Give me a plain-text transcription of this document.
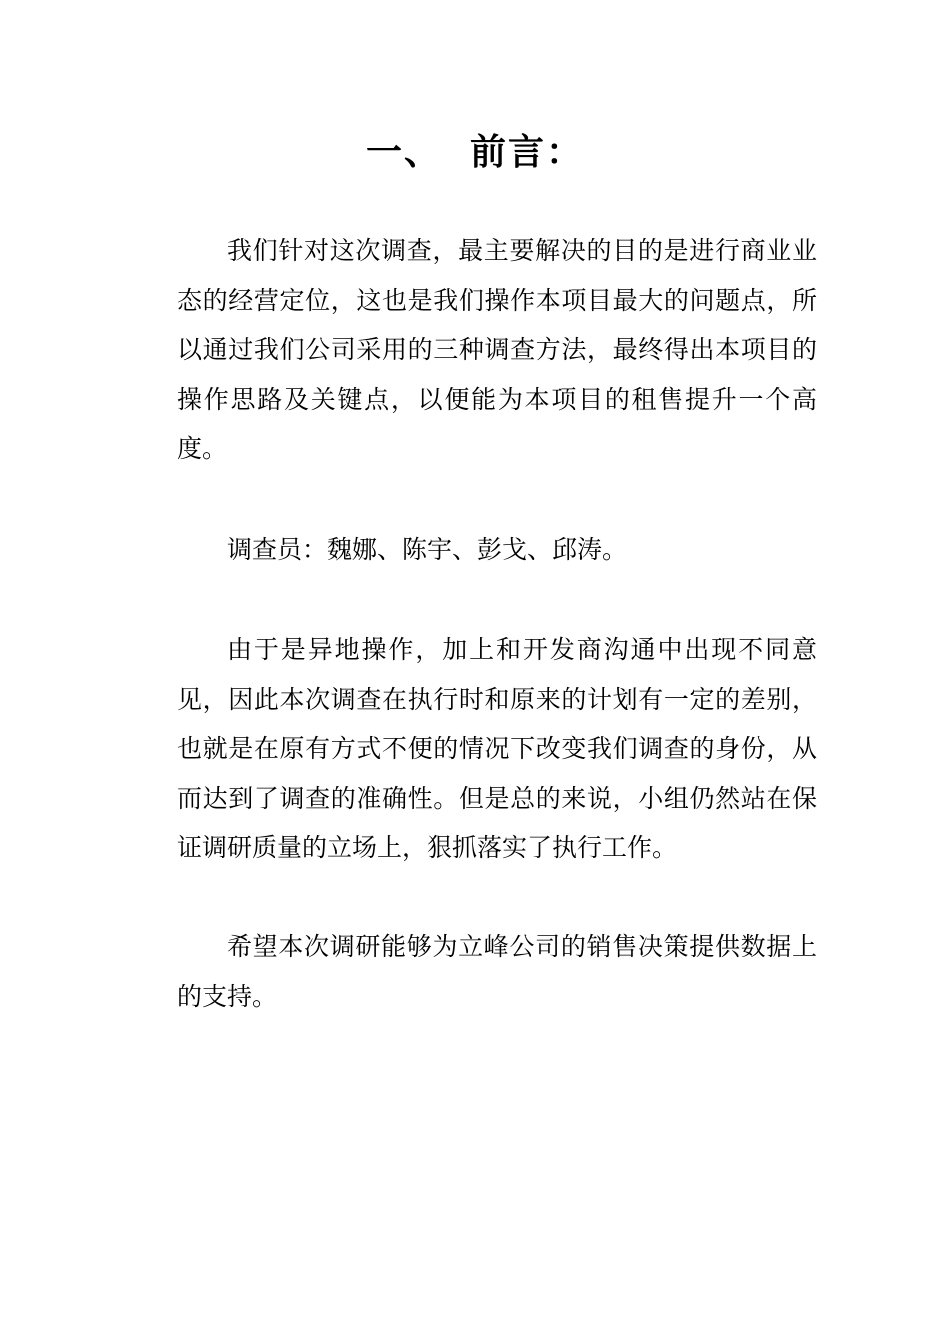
一、 前言：

我们针对这次调查，最主要解决的目的是进行商业业态的经营定位，这也是我们操作本项目最大的问题点，所以通过我们公司采用的三种调查方法，最终得出本项目的操作思路及关键点，以便能为本项目的租售提升一个高度。

调查员：魏娜、陈宇、彭戈、邱涛。

由于是异地操作，加上和开发商沟通中出现不同意见，因此本次调查在执行时和原来的计划有一定的差别，也就是在原有方式不便的情况下改变我们调查的身份，从而达到了调查的准确性。但是总的来说，小组仍然站在保证调研质量的立场上，狠抓落实了执行工作。

希望本次调研能够为立峰公司的销售决策提供数据上的支持。
